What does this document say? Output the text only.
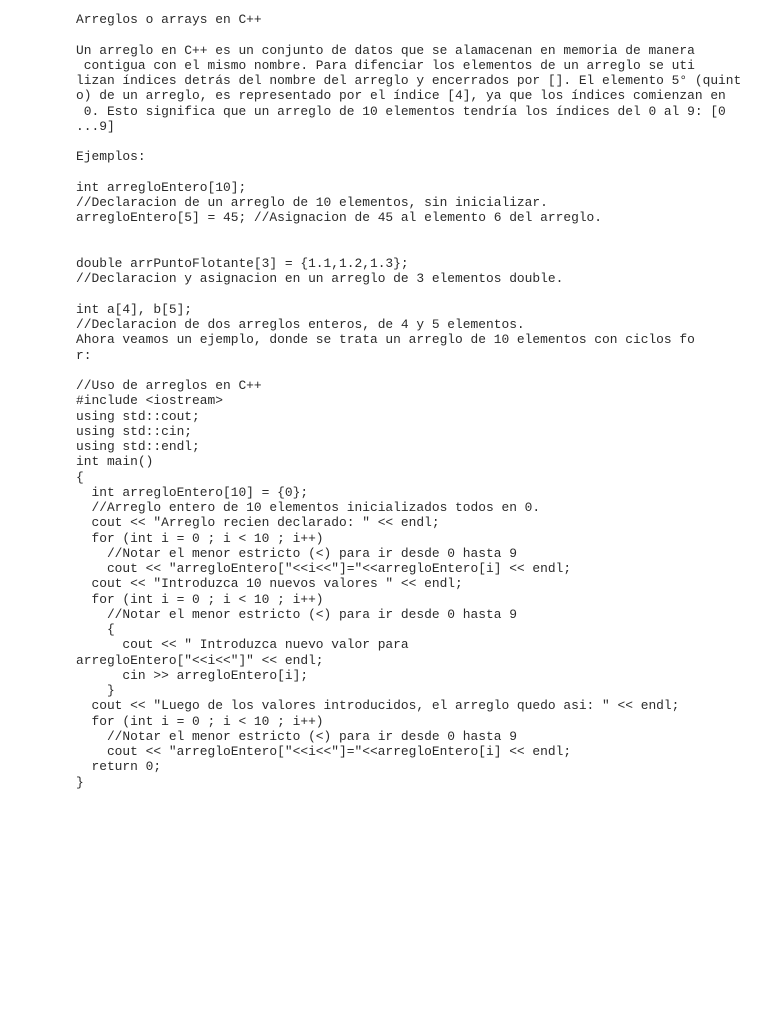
Arreglos o arrays en C++
Un arreglo en C++ es un conjunto de datos que se alamacenan en memoria de manera
contigua con el mismo nombre. Para difenciar los elementos de un arreglo se uti
lizan índices detrás del nombre del arreglo y encerrados por []. El elemento 5° (quint
o) de un arreglo, es representado por el índice [4], ya que los índices comienzan en
0. Esto significa que un arreglo de 10 elementos tendría los índices del 0 al 9: [0
...9]
Ejemplos:
int arregloEntero[10];
//Declaracion de un arreglo de 10 elementos, sin inicializar.
arregloEntero[5] = 45; //Asignacion de 45 al elemento 6 del arreglo.
double arrPuntoFlotante[3] = {1.1,1.2,1.3};
//Declaracion y asignacion en un arreglo de 3 elementos double.
int a[4], b[5];
//Declaracion de dos arreglos enteros, de 4 y 5 elementos.
Ahora veamos un ejemplo, donde se trata un arreglo de 10 elementos con ciclos fo
r:
//Uso de arreglos en C++
#include <iostream>
using std::cout;
using std::cin;
using std::endl;
int main()
{
int arregloEntero[10] = {0};
//Arreglo entero de 10 elementos inicializados todos en 0.
cout << "Arreglo recien declarado: " << endl;
for (int i = 0 ; i < 10 ; i++)
//Notar el menor estricto (<) para ir desde 0 hasta 9
cout << "arregloEntero["<<i<<"]="<<arregloEntero[i] << endl;
cout << "Introduzca 10 nuevos valores " << endl;
for (int i = 0 ; i < 10 ; i++)
//Notar el menor estricto (<) para ir desde 0 hasta 9
{
cout << " Introduzca nuevo valor para
arregloEntero["<<i<<"]" << endl;
cin >> arregloEntero[i];
}
cout << "Luego de los valores introducidos, el arreglo quedo asi: " << endl;
for (int i = 0 ; i < 10 ; i++)
//Notar el menor estricto (<) para ir desde 0 hasta 9
cout << "arregloEntero["<<i<<"]="<<arregloEntero[i] << endl;
return 0;
}
